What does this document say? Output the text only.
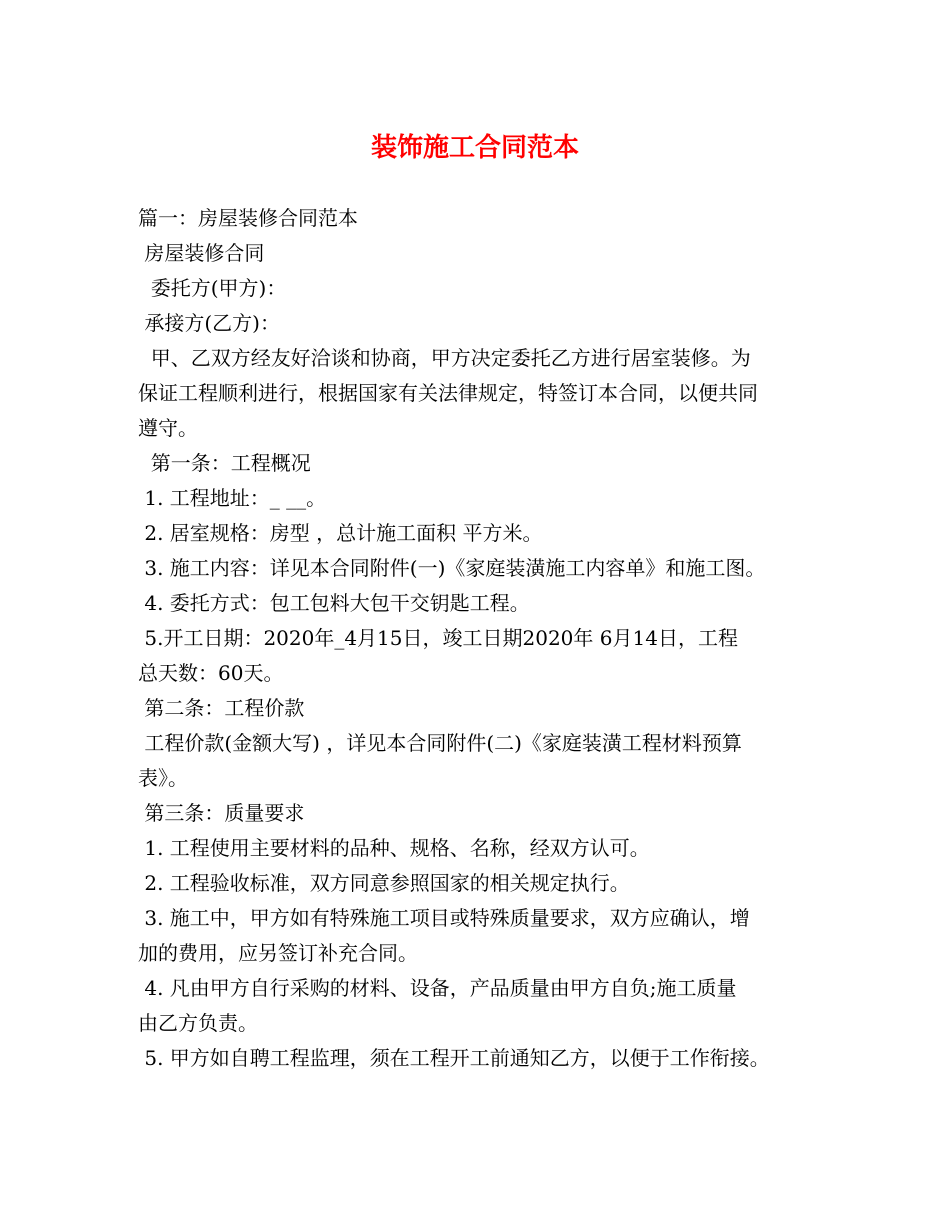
装饰施工合同范本
篇一：房屋装修合同范本
房屋装修合同
委托方(甲方)：
承接方(乙方)：
甲、乙双方经友好洽谈和协商，甲方决定委托乙方进行居室装修。为
保证工程顺利进行，根据国家有关法律规定，特签订本合同，以便共同
遵守。
第一条：工程概况
1. 工程地址：_ __。
2. 居室规格：房型 ，总计施工面积 平方米。
3. 施工内容：详见本合同附件(一)《家庭装潢施工内容单》和施工图。
4. 委托方式：包工包料大包干交钥匙工程。
5.开工日期：2020年_4月15日，竣工日期2020年 6月14日，工程
总天数：60天。
第二条：工程价款
工程价款(金额大写) ，详见本合同附件(二)《家庭装潢工程材料预算
表》。
第三条：质量要求
1. 工程使用主要材料的品种、规格、名称，经双方认可。
2. 工程验收标准，双方同意参照国家的相关规定执行。
3. 施工中，甲方如有特殊施工项目或特殊质量要求，双方应确认，增
加的费用，应另签订补充合同。
4. 凡由甲方自行采购的材料、设备，产品质量由甲方自负;施工质量
由乙方负责。
5. 甲方如自聘工程监理，须在工程开工前通知乙方，以便于工作衔接。
